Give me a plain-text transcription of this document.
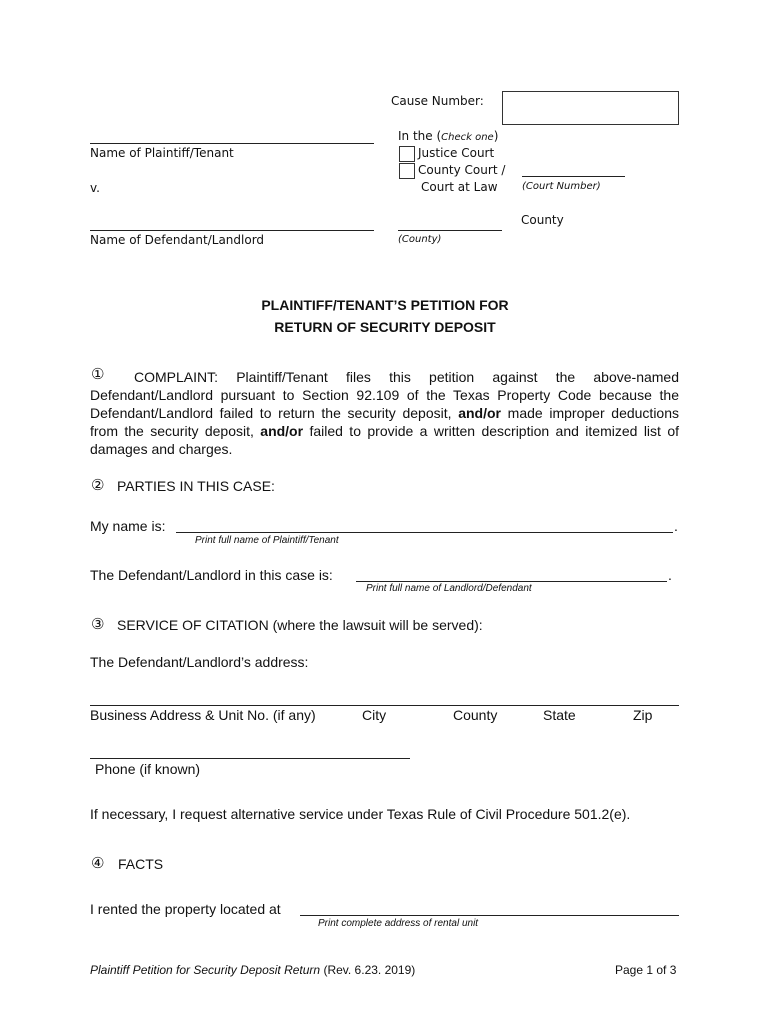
Cause Number:
Name of Plaintiff/Tenant
In the (Check one)
Justice Court
County Court /
Court at Law (Court Number)
v.
Name of Defendant/Landlord	(County)
County
PLAINTIFF/TENANT’S PETITION FOR
RETURN OF SECURITY DEPOSIT
①	COMPLAINT: Plaintiff/Tenant files this petition against the above-named Defendant/Landlord pursuant to Section 92.109 of the Texas Property Code because the Defendant/Landlord failed to return the security deposit, and/or made improper deductions from the security deposit, and/or failed to provide a written description and itemized list of damages and charges.
② PARTIES IN THIS CASE:
My name is:	.
Print full name of Plaintiff/Tenant
The Defendant/Landlord in this case is:	.
Print full name of Landlord/Defendant
③ SERVICE OF CITATION (where the lawsuit will be served):
The Defendant/Landlord’s address:
Business Address & Unit No. (if any)	City	County	State	Zip
Phone (if known)
If necessary, I request alternative service under Texas Rule of Civil Procedure 501.2(e).
④ FACTS
I rented the property located at
Print complete address of rental unit
Plaintiff Petition for Security Deposit Return (Rev. 6.23. 2019)	Page 1 of 3
